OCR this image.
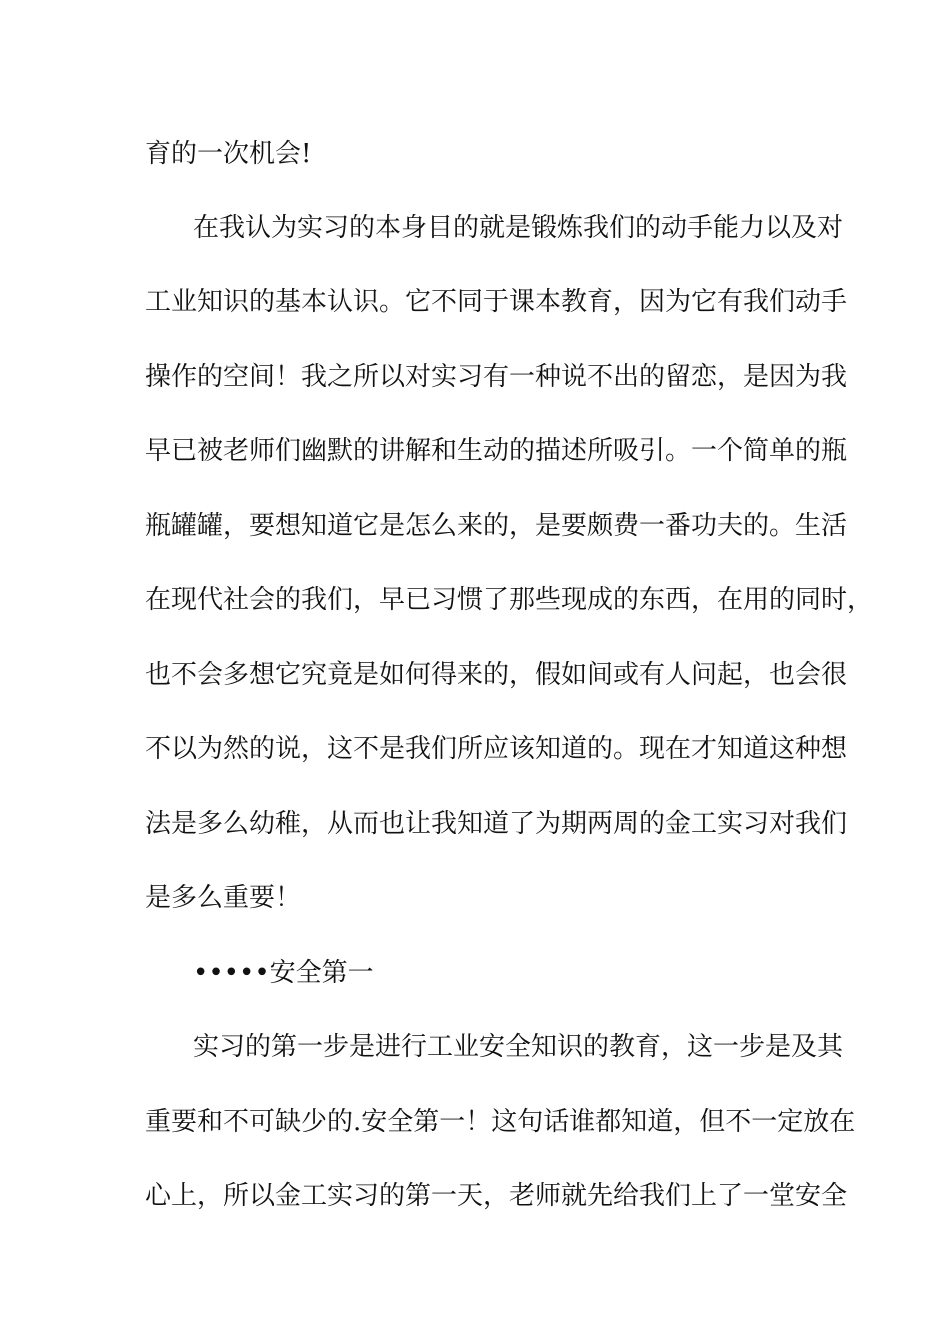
育的一次机会!
在我认为实习的本身目的就是锻炼我们的动手能力以及对
工业知识的基本认识。它不同于课本教育，因为它有我们动手
操作的空间！我之所以对实习有一种说不出的留恋，是因为我
早已被老师们幽默的讲解和生动的描述所吸引。一个简单的瓶
瓶罐罐，要想知道它是怎么来的，是要颇费一番功夫的。生活
在现代社会的我们，早已习惯了那些现成的东西，在用的同时，
也不会多想它究竟是如何得来的，假如间或有人问起，也会很
不以为然的说，这不是我们所应该知道的。现在才知道这种想
法是多么幼稚，从而也让我知道了为期两周的金工实习对我们
是多么重要！
•••••安全第一
实习的第一步是进行工业安全知识的教育，这一步是及其
重要和不可缺少的.安全第一！这句话谁都知道，但不一定放在
心上，所以金工实习的第一天，老师就先给我们上了一堂安全
